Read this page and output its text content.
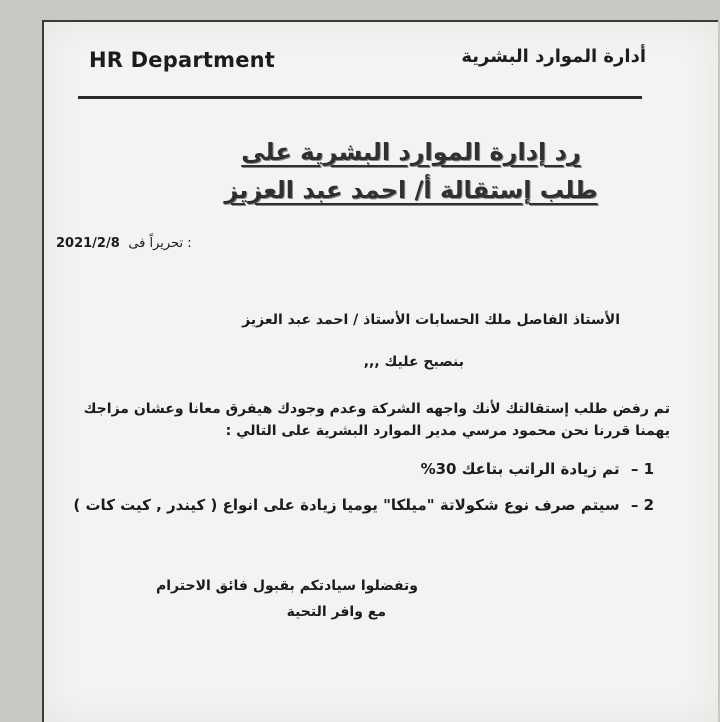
HR Department	أدارة الموارد البشرية
رد إدارة الموارد البشرية على
طلب إستقالة أ/ احمد عبد العزيز
2021/2/8 تحريراً فى :
الأستاذ الفاصل ملك الحسابات الأستاذ / احمد عبد العزيز
بنصبح عليك ,,,
تم رفض طلب إستقالتك لأنك واجهه الشركة وعدم وجودك هيفرق معانا وعشان مزاجك يهمنا قررنا نحن محمود مرسي مدير الموارد البشرية على التالي :
1 – تم زيادة الراتب بتاعك 30%
2 – سيتم صرف نوع شكولاتة "ميلكا" يوميا زيادة على انواع ( كيندر , كيت كات )
وتفضلوا سيادتكم بقبول فائق الاحترام
مع وافر التحية
